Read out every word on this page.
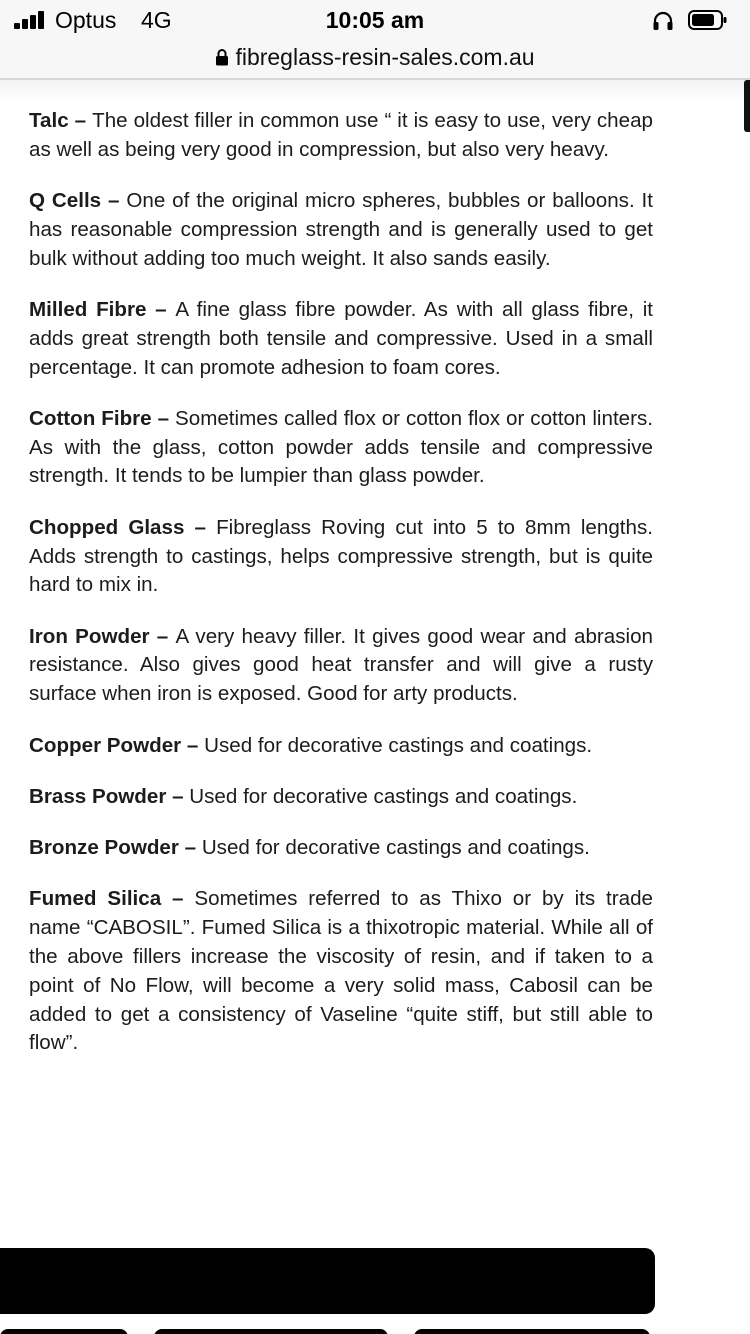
Optus 4G	10:05 am
fibreglass-resin-sales.com.au

Talc – The oldest filler in common use “ it is easy to use, very cheap as well as being very good in compression, but also very heavy.

Q Cells – One of the original micro spheres, bubbles or balloons. It has reasonable compression strength and is generally used to get bulk without adding too much weight. It also sands easily.

Milled Fibre – A fine glass fibre powder. As with all glass fibre, it adds great strength both tensile and compressive. Used in a small percentage. It can promote adhesion to foam cores.

Cotton Fibre – Sometimes called flox or cotton flox or cotton linters. As with the glass, cotton powder adds tensile and compressive strength. It tends to be lumpier than glass powder.

Chopped Glass – Fibreglass Roving cut into 5 to 8mm lengths. Adds strength to castings, helps compressive strength, but is quite hard to mix in.

Iron Powder – A very heavy filler. It gives good wear and abrasion resistance. Also gives good heat transfer and will give a rusty surface when iron is exposed. Good for arty products.

Copper Powder – Used for decorative castings and coatings.

Brass Powder – Used for decorative castings and coatings.

Bronze Powder – Used for decorative castings and coatings.

Fumed Silica – Sometimes referred to as Thixo or by its trade name “CABOSIL”. Fumed Silica is a thixotropic material. While all of the above fillers increase the viscosity of resin, and if taken to a point of No Flow, will become a very solid mass, Cabosil can be added to get a consistency of Vaseline “quite stiff, but still able to flow”.
